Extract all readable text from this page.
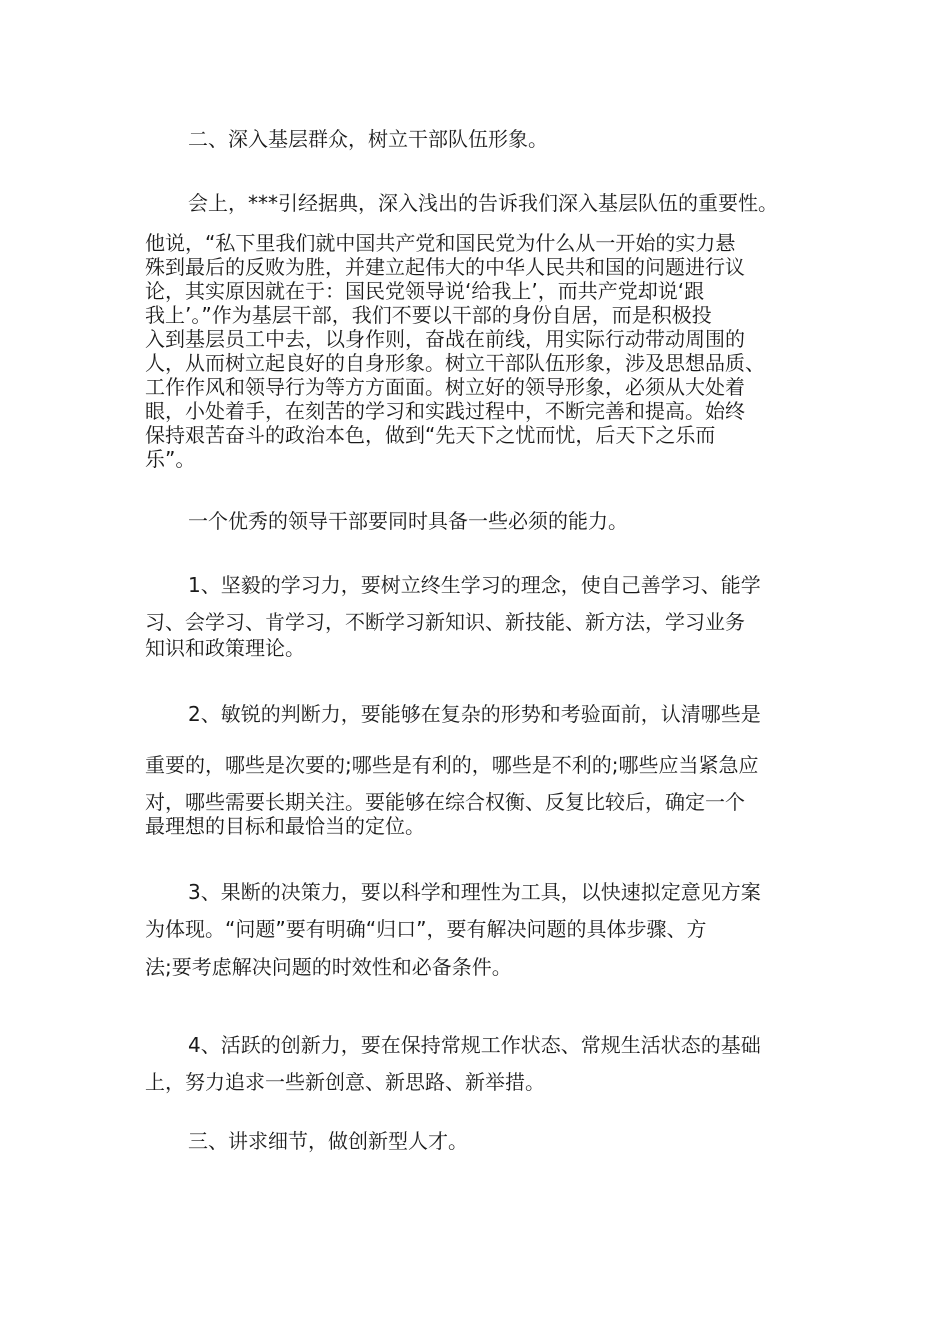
二、深入基层群众，树立干部队伍形象。
会上，***引经据典，深入浅出的告诉我们深入基层队伍的重要性。
他说，“私下里我们就中国共产党和国民党为什么从一开始的实力悬
殊到最后的反败为胜，并建立起伟大的中华人民共和国的问题进行议
论，其实原因就在于：国民党领导说‘给我上’，而共产党却说‘跟
我上’。”作为基层干部，我们不要以干部的身份自居，而是积极投
入到基层员工中去，以身作则，奋战在前线，用实际行动带动周围的
人，从而树立起良好的自身形象。树立干部队伍形象，涉及思想品质、
工作作风和领导行为等方方面面。树立好的领导形象，必须从大处着
眼，小处着手，在刻苦的学习和实践过程中，不断完善和提高。始终
保持艰苦奋斗的政治本色，做到“先天下之忧而忧，后天下之乐而
乐”。
一个优秀的领导干部要同时具备一些必须的能力。
1、坚毅的学习力，要树立终生学习的理念，使自己善学习、能学
习、会学习、肯学习，不断学习新知识、新技能、新方法，学习业务
知识和政策理论。
2、敏锐的判断力，要能够在复杂的形势和考验面前，认清哪些是
重要的，哪些是次要的;哪些是有利的，哪些是不利的;哪些应当紧急应
对，哪些需要长期关注。要能够在综合权衡、反复比较后，确定一个
最理想的目标和最恰当的定位。
3、果断的决策力，要以科学和理性为工具，以快速拟定意见方案
为体现。“问题”要有明确“归口”，要有解决问题的具体步骤、方
法;要考虑解决问题的时效性和必备条件。
4、活跃的创新力，要在保持常规工作状态、常规生活状态的基础
上，努力追求一些新创意、新思路、新举措。
三、讲求细节，做创新型人才。
